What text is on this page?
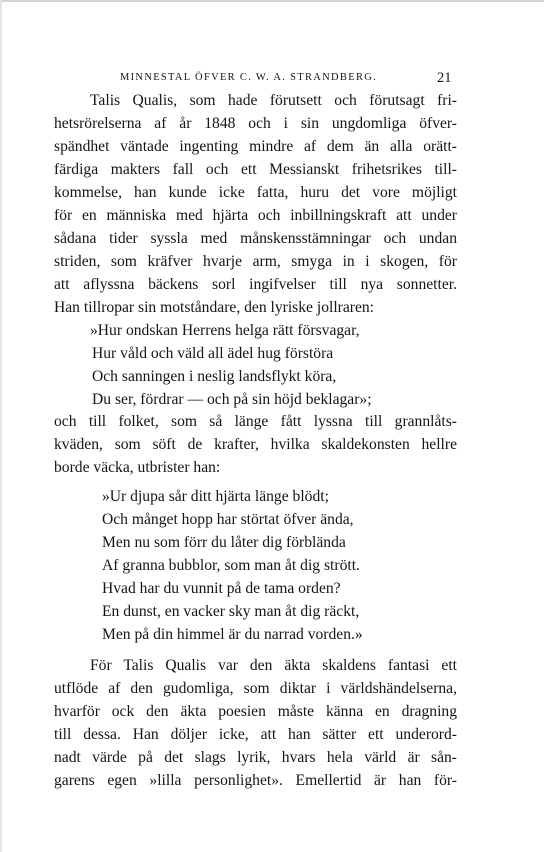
MINNESTAL ÖFVER C. W. A. STRANDBERG.	21
Talis Qualis, som hade förutsett och förutsagt fri-
hetsrörelserna af år 1848 och i sin ungdomliga öfver-
spändhet väntade ingenting mindre af dem än alla orätt-
färdiga makters fall och ett Messianskt frihetsrikes till-
kommelse, han kunde icke fatta, huru det vore möjligt
för en människa med hjärta och inbillningskraft att under
sådana tider syssla med månskensstämningar och undan
striden, som kräfver hvarje arm, smyga in i skogen, för
att aflyssna bäckens sorl ingifvelser till nya sonnetter.
Han tillropar sin motståndare, den lyriske jollraren:
»Hur ondskan Herrens helga rätt försvagar,
Hur våld och väld all ädel hug förstöra
Och sanningen i neslig landsflykt köra,
Du ser, fördrar — och på sin höjd beklagar»;
och till folket, som så länge fått lyssna till grannlåts-
kväden, som söft de krafter, hvilka skaldekonsten hellre
borde väcka, utbrister han:
»Ur djupa sår ditt hjärta länge blödt;
Och månget hopp har störtat öfver ända,
Men nu som förr du låter dig förblända
Af granna bubblor, som man åt dig strött.
Hvad har du vunnit på de tama orden?
En dunst, en vacker sky man åt dig räckt,
Men på din himmel är du narrad vorden.»
För Talis Qualis var den äkta skaldens fantasi ett
utflöde af den gudomliga, som diktar i världshändelserna,
hvarför ock den äkta poesien måste känna en dragning
till dessa. Han döljer icke, att han sätter ett underord-
nadt värde på det slags lyrik, hvars hela värld är sån-
garens egen »lilla personlighet». Emellertid är han för-
